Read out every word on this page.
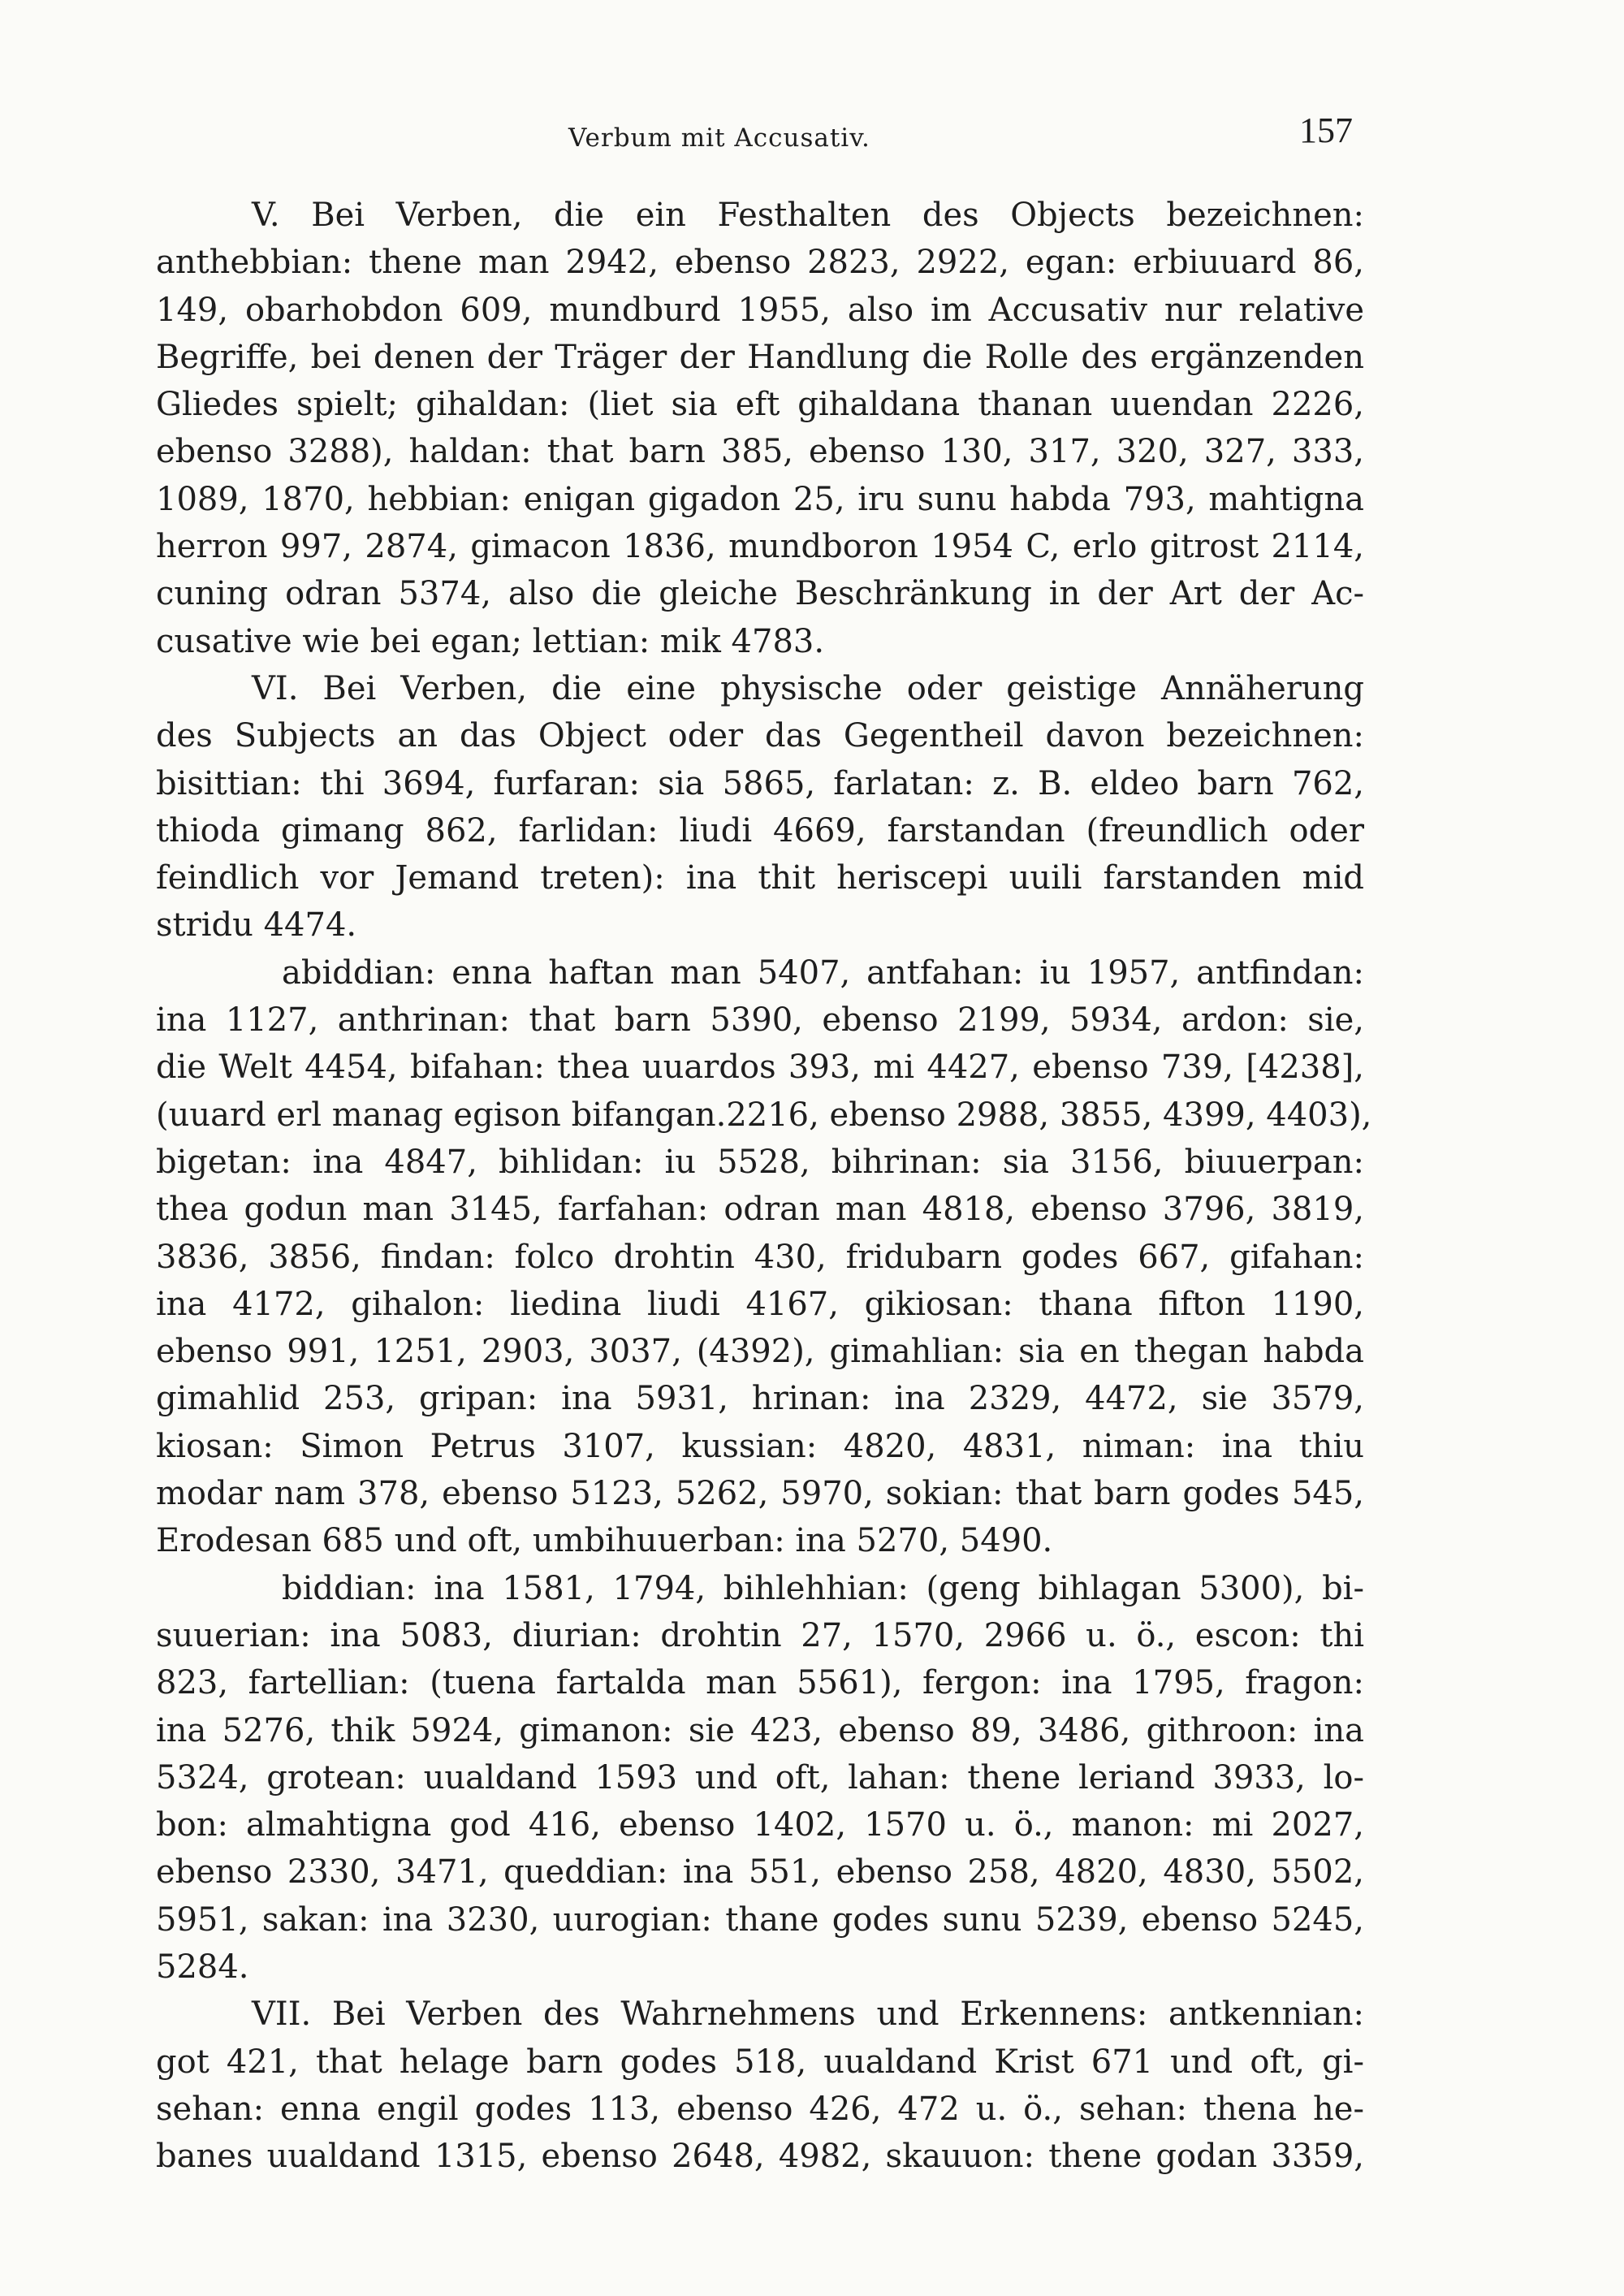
Verbum mit Accusativ.	157
V. Bei Verben, die ein Festhalten des Objects bezeichnen:
anthebbian: thene man 2942, ebenso 2823, 2922, egan: erbiuuard 86,
149, obarhobdon 609, mundburd 1955, also im Accusativ nur relative
Begriffe, bei denen der Träger der Handlung die Rolle des ergänzenden
Gliedes spielt; gihaldan: (liet sia eft gihaldana thanan uuendan 2226,
ebenso 3288), haldan: that barn 385, ebenso 130, 317, 320, 327, 333,
1089, 1870, hebbian: enigan gigadon 25, iru sunu habda 793, mahtigna
herron 997, 2874, gimacon 1836, mundboron 1954 C, erlo gitrost 2114,
cuning odran 5374, also die gleiche Beschränkung in der Art der Ac-
cusative wie bei egan; lettian: mik 4783.
VI. Bei Verben, die eine physische oder geistige Annäherung
des Subjects an das Object oder das Gegentheil davon bezeichnen:
bisittian: thi 3694, furfaran: sia 5865, farlatan: z. B. eldeo barn 762,
thioda gimang 862, farlidan: liudi 4669, farstandan (freundlich oder
feindlich vor Jemand treten): ina thit heriscepi uuili farstanden mid
stridu 4474.
abiddian: enna haftan man 5407, antfahan: iu 1957, antfindan:
ina 1127, anthrinan: that barn 5390, ebenso 2199, 5934, ardon: sie,
die Welt 4454, bifahan: thea uuardos 393, mi 4427, ebenso 739, [4238],
(uuard erl manag egison bifangan.2216, ebenso 2988, 3855, 4399, 4403),
bigetan: ina 4847, bihlidan: iu 5528, bihrinan: sia 3156, biuuerpan:
thea godun man 3145, farfahan: odran man 4818, ebenso 3796, 3819,
3836, 3856, findan: folco drohtin 430, fridubarn godes 667, gifahan:
ina 4172, gihalon: liedina liudi 4167, gikiosan: thana fifton 1190,
ebenso 991, 1251, 2903, 3037, (4392), gimahlian: sia en thegan habda
gimahlid 253, gripan: ina 5931, hrinan: ina 2329, 4472, sie 3579,
kiosan: Simon Petrus 3107, kussian: 4820, 4831, niman: ina thiu
modar nam 378, ebenso 5123, 5262, 5970, sokian: that barn godes 545,
Erodesan 685 und oft, umbihuuerban: ina 5270, 5490.
biddian: ina 1581, 1794, bihlehhian: (geng bihlagan 5300), bi-
suuerian: ina 5083, diurian: drohtin 27, 1570, 2966 u. ö., escon: thi
823, fartellian: (tuena fartalda man 5561), fergon: ina 1795, fragon:
ina 5276, thik 5924, gimanon: sie 423, ebenso 89, 3486, githroon: ina
5324, grotean: uualdand 1593 und oft, lahan: thene leriand 3933, lo-
bon: almahtigna god 416, ebenso 1402, 1570 u. ö., manon: mi 2027,
ebenso 2330, 3471, queddian: ina 551, ebenso 258, 4820, 4830, 5502,
5951, sakan: ina 3230, uurogian: thane godes sunu 5239, ebenso 5245,
5284.
VII. Bei Verben des Wahrnehmens und Erkennens: antkennian:
got 421, that helage barn godes 518, uualdand Krist 671 und oft, gi-
sehan: enna engil godes 113, ebenso 426, 472 u. ö., sehan: thena he-
banes uualdand 1315, ebenso 2648, 4982, skauuon: thene godan 3359,
